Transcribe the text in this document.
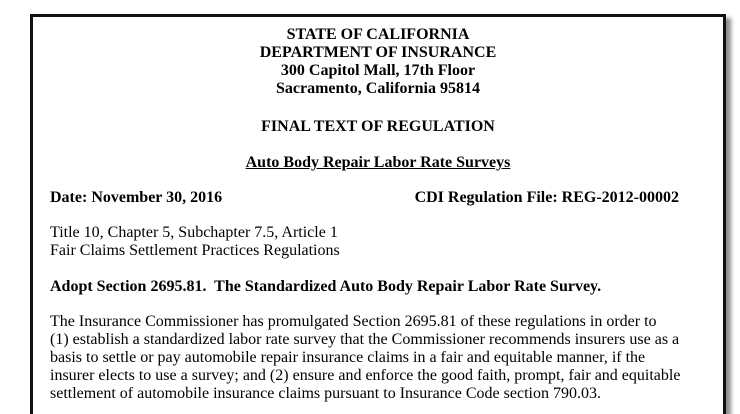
STATE OF CALIFORNIA
DEPARTMENT OF INSURANCE
300 Capitol Mall, 17th Floor
Sacramento, California 95814
FINAL TEXT OF REGULATION
Auto Body Repair Labor Rate Surveys
Date: November 30, 2016	CDI Regulation File: REG-2012-00002
Title 10, Chapter 5, Subchapter 7.5, Article 1
Fair Claims Settlement Practices Regulations
Adopt Section 2695.81.  The Standardized Auto Body Repair Labor Rate Survey.
The Insurance Commissioner has promulgated Section 2695.81 of these regulations in order to
(1) establish a standardized labor rate survey that the Commissioner recommends insurers use as a
basis to settle or pay automobile repair insurance claims in a fair and equitable manner, if the
insurer elects to use a survey; and (2) ensure and enforce the good faith, prompt, fair and equitable
settlement of automobile insurance claims pursuant to Insurance Code section 790.03.
